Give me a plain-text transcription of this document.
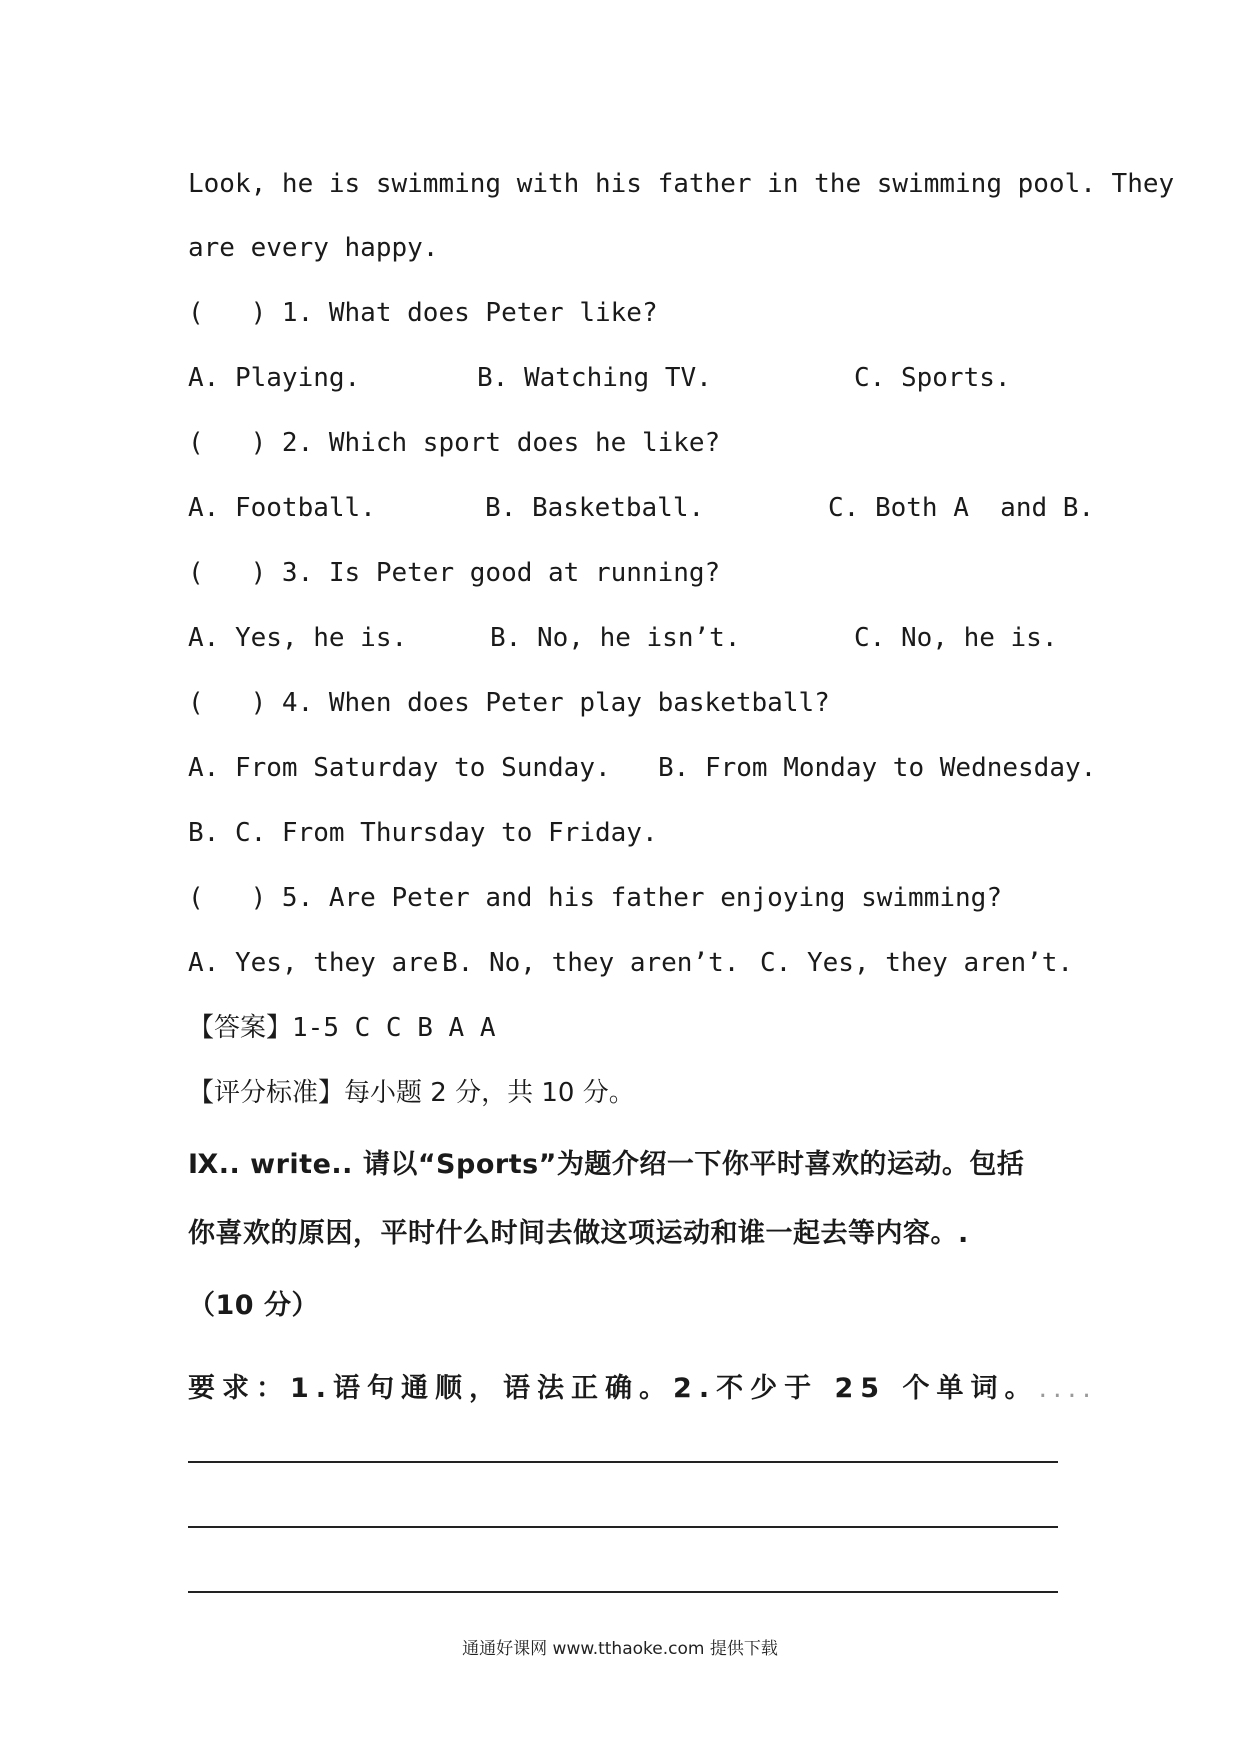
Look, he is swimming with his father in the swimming pool. They
are every happy.
(   ) 1. What does Peter like?

A. Playing.

	B. Watching TV.

	C. Sports.

(   ) 2. Which sport does he like?

A. Football.

	B. Basketball.

	C. Both A  and B.

(   ) 3. Is Peter good at running?

A. Yes, he is.

	B. No, he isn’t.

	C. No, he is.

(   ) 4. When does Peter play basketball?

A. From Saturday to Sunday.

B. From Monday to Wednesday.

B. C. From Thursday to Friday.
(   ) 5. Are Peter and his father enjoying swimming?

A. Yes, they are.

B. No, they aren’t.

C. Yes, they aren’t.

【答案】1-5 C C B A A
【评分标准】每小题 2 分，共 10 分。
Ⅸ.. write.. 请以“Sports”为题介绍一下你平时喜欢的运动。包括
你喜欢的原因，平时什么时间去做这项运动和谁一起去等内容。.
（10 分）
要求：1.语句通顺，语法正确。2.不少于 25 个单词。....
通通好课网 www.tthaoke.com 提供下载
